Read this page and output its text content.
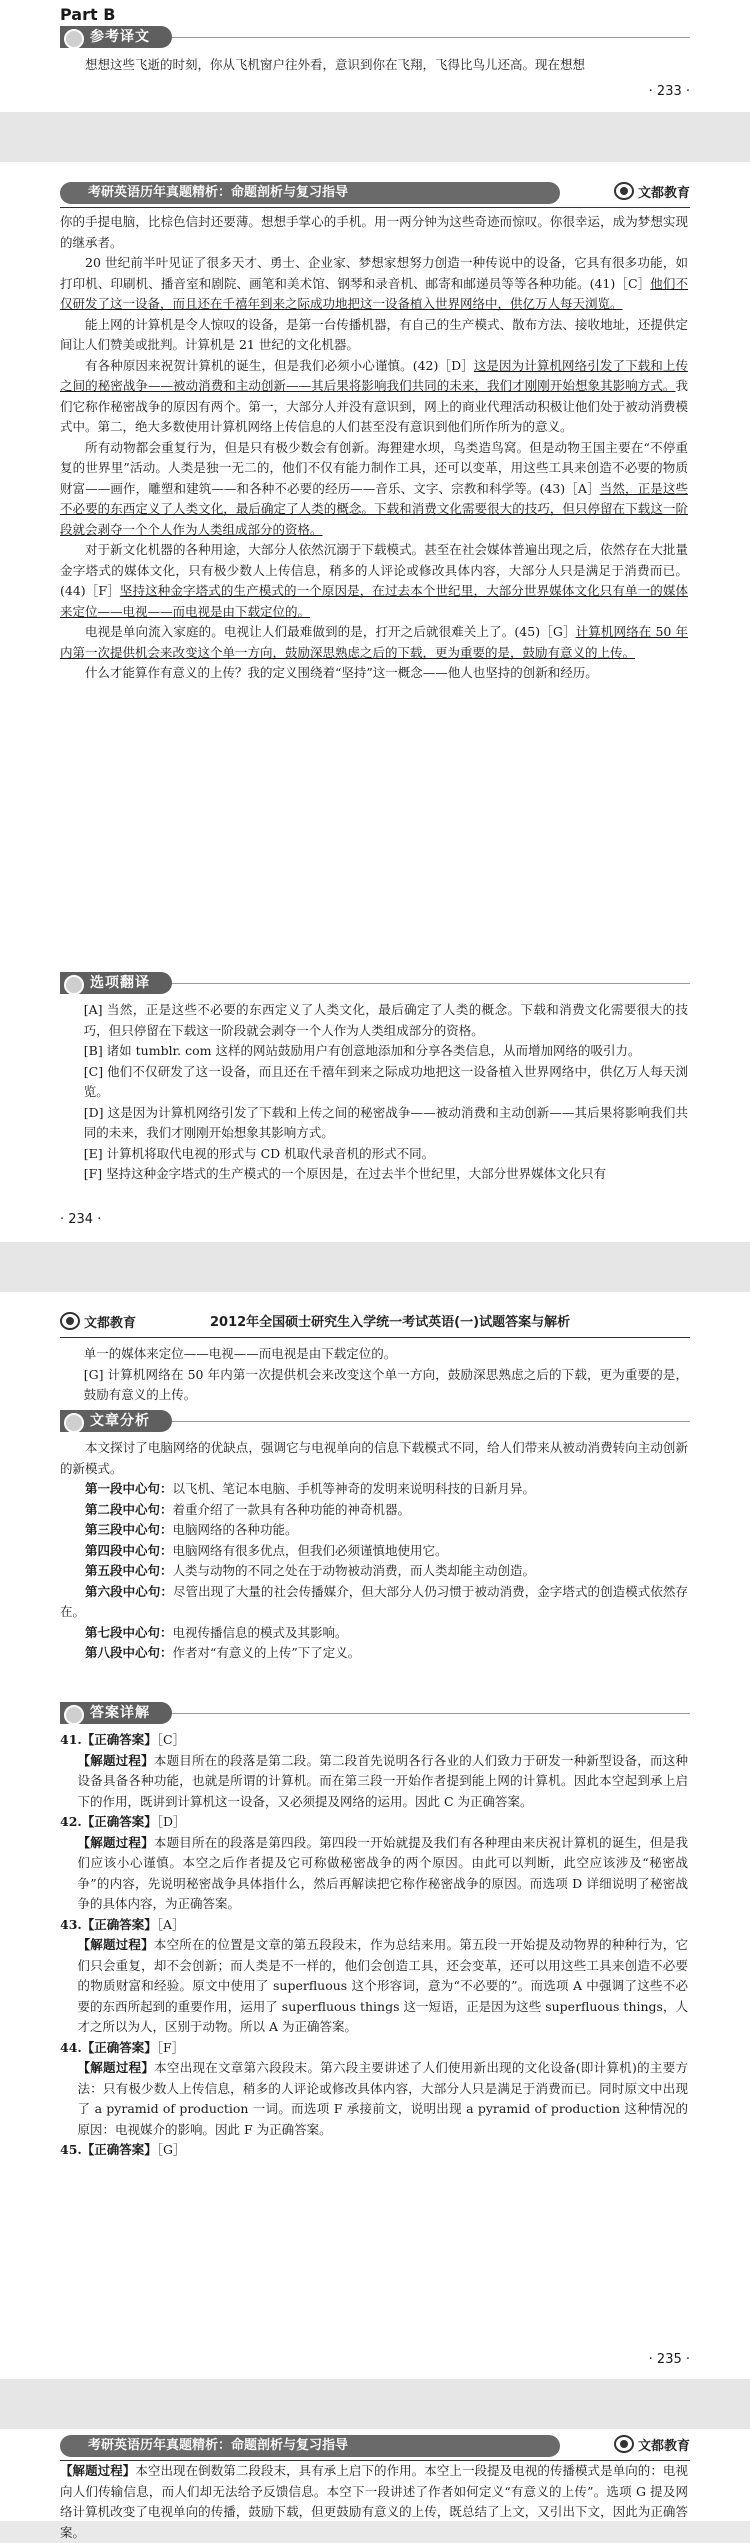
Part B
参考译文

想想这些飞逝的时刻，你从飞机窗户往外看，意识到你在飞翔，飞得比鸟儿还高。现在想想

· 233 ·
考研英语历年真题精析：命题剖析与复习指导	文都教育

你的手提电脑，比棕色信封还要薄。想想手掌心的手机。用一两分钟为这些奇迹而惊叹。你很幸运，成为梦想实现的继承者。

20 世纪前半叶见证了很多天才、勇士、企业家、梦想家想努力创造一种传说中的设备，它具有很多功能，如打印机、印刷机、播音室和剧院、画笔和美术馆、钢琴和录音机、邮寄和邮递员等等各种功能。(41)［C］他们不仅研发了这一设备，而且还在千禧年到来之际成功地把这一设备植入世界网络中，供亿万人每天浏览。

能上网的计算机是令人惊叹的设备，是第一台传播机器，有自己的生产模式、散布方法、接收地址，还提供定间让人们赞美或批判。计算机是 21 世纪的文化机器。

有各种原因来祝贺计算机的诞生，但是我们必须小心谨慎。(42)［D］这是因为计算机网络引发了下载和上传之间的秘密战争——被动消费和主动创新——其后果将影响我们共同的未来，我们才刚刚开始想象其影响方式。我们它称作秘密战争的原因有两个。第一，大部分人并没有意识到，网上的商业代理活动积极让他们处于被动消费模式中。第二，绝大多数使用计算机网络上传信息的人们甚至没有意识到他们所作所为的意义。

所有动物都会重复行为，但是只有极少数会有创新。海狸建水坝，鸟类造鸟窝。但是动物王国主要在“不停重复的世界里”活动。人类是独一无二的，他们不仅有能力制作工具，还可以变革，用这些工具来创造不必要的物质财富——画作，雕塑和建筑——和各种不必要的经历——音乐、文字、宗教和科学等。(43)［A］当然，正是这些不必要的东西定义了人类文化，最后确定了人类的概念。下载和消费文化需要很大的技巧，但只停留在下载这一阶段就会剥夺一个个人作为人类组成部分的资格。

对于新文化机器的各种用途，大部分人依然沉溺于下载模式。甚至在社会媒体普遍出现之后，依然存在大批量金字塔式的媒体文化，只有极少数人上传信息，稍多的人评论或修改具体内容，大部分人只是满足于消费而已。(44)［F］坚持这种金字塔式的生产模式的一个原因是，在过去本个世纪里，大部分世界媒体文化只有单一的媒体来定位——电视——而电视是由下载定位的。

电视是单向流入家庭的。电视让人们最难做到的是，打开之后就很难关上了。(45)［G］计算机网络在 50 年内第一次提供机会来改变这个单一方向，鼓励深思熟虑之后的下载，更为重要的是，鼓励有意义的上传。

什么才能算作有意义的上传？我的定义围绕着“坚持”这一概念——他人也坚持的创新和经历。

选项翻译

[A] 当然，正是这些不必要的东西定义了人类文化，最后确定了人类的概念。下载和消费文化需要很大的技巧，但只停留在下载这一阶段就会剥夺一个人作为人类组成部分的资格。

[B] 诸如 tumblr. com 这样的网站鼓励用户有创意地添加和分享各类信息，从而增加网络的吸引力。

[C] 他们不仅研发了这一设备，而且还在千禧年到来之际成功地把这一设备植入世界网络中，供亿万人每天浏览。

[D] 这是因为计算机网络引发了下载和上传之间的秘密战争——被动消费和主动创新——其后果将影响我们共同的未来，我们才刚刚开始想象其影响方式。

[E] 计算机将取代电视的形式与 CD 机取代录音机的形式不同。

[F] 坚持这种金字塔式的生产模式的一个原因是，在过去半个世纪里，大部分世界媒体文化只有

· 234 ·
文都教育	2012年全国硕士研究生入学统一考试英语(一)试题答案与解析

单一的媒体来定位——电视——而电视是由下载定位的。

[G] 计算机网络在 50 年内第一次提供机会来改变这个单一方向，鼓励深思熟虑之后的下载，更为重要的是，鼓励有意义的上传。

文章分析

本文探讨了电脑网络的优缺点，强调它与电视单向的信息下载模式不同，给人们带来从被动消费转向主动创新的新模式。

第一段中心句：以飞机、笔记本电脑、手机等神奇的发明来说明科技的日新月异。

第二段中心句：着重介绍了一款具有各种功能的神奇机器。

第三段中心句：电脑网络的各种功能。

第四段中心句：电脑网络有很多优点，但我们必须谨慎地使用它。

第五段中心句：人类与动物的不同之处在于动物被动消费，而人类却能主动创造。

第六段中心句：尽管出现了大量的社会传播媒介，但大部分人仍习惯于被动消费，金字塔式的创造模式依然存在。

第七段中心句：电视传播信息的模式及其影响。

第八段中心句：作者对“有意义的上传”下了定义。

答案详解

41.【正确答案】［C］

【解题过程】本题目所在的段落是第二段。第二段首先说明各行各业的人们致力于研发一种新型设备，而这种设备具备各种功能，也就是所谓的计算机。而在第三段一开始作者提到能上网的计算机。因此本空起到承上启下的作用，既讲到计算机这一设备，又必须提及网络的运用。因此 C 为正确答案。

42.【正确答案】［D］

【解题过程】本题目所在的段落是第四段。第四段一开始就提及我们有各种理由来庆祝计算机的诞生，但是我们应该小心谨慎。本空之后作者提及它可称做秘密战争的两个原因。由此可以判断，此空应该涉及“秘密战争”的内容，先说明秘密战争具体指什么，然后再解读把它称作秘密战争的原因。而选项 D 详细说明了秘密战争的具体内容，为正确答案。

43.【正确答案】［A］

【解题过程】本空所在的位置是文章的第五段段末，作为总结来用。第五段一开始提及动物界的种种行为，它们只会重复，却不会创新；而人类是不一样的，他们会创造工具，还会变革，还可以用这些工具来创造不必要的物质财富和经验。原文中使用了 superfluous 这个形容词，意为“不必要的”。而选项 A 中强调了这些不必要的东西所起到的重要作用，运用了 superfluous things 这一短语，正是因为这些 superfluous things，人才之所以为人，区别于动物。所以 A 为正确答案。

44.【正确答案】［F］

【解题过程】本空出现在文章第六段段末。第六段主要讲述了人们使用新出现的文化设备(即计算机)的主要方法：只有极少数人上传信息，稍多的人评论或修改具体内容，大部分人只是满足于消费而已。同时原文中出现了 a pyramid of production 一词。而选项 F 承接前文，说明出现 a pyramid of production 这种情况的原因：电视媒介的影响。因此 F 为正确答案。

45.【正确答案】［G］

· 235 ·
考研英语历年真题精析：命题剖析与复习指导	文都教育

【解题过程】本空出现在倒数第二段段末，具有承上启下的作用。本空上一段提及电视的传播模式是单向的：电视向人们传输信息，而人们却无法给予反馈信息。本空下一段讲述了作者如何定义“有意义的上传”。选项 G 提及网络计算机改变了电视单向的传播，鼓励下载，但更鼓励有意义的上传，既总结了上文，又引出下文，因此为正确答案。
